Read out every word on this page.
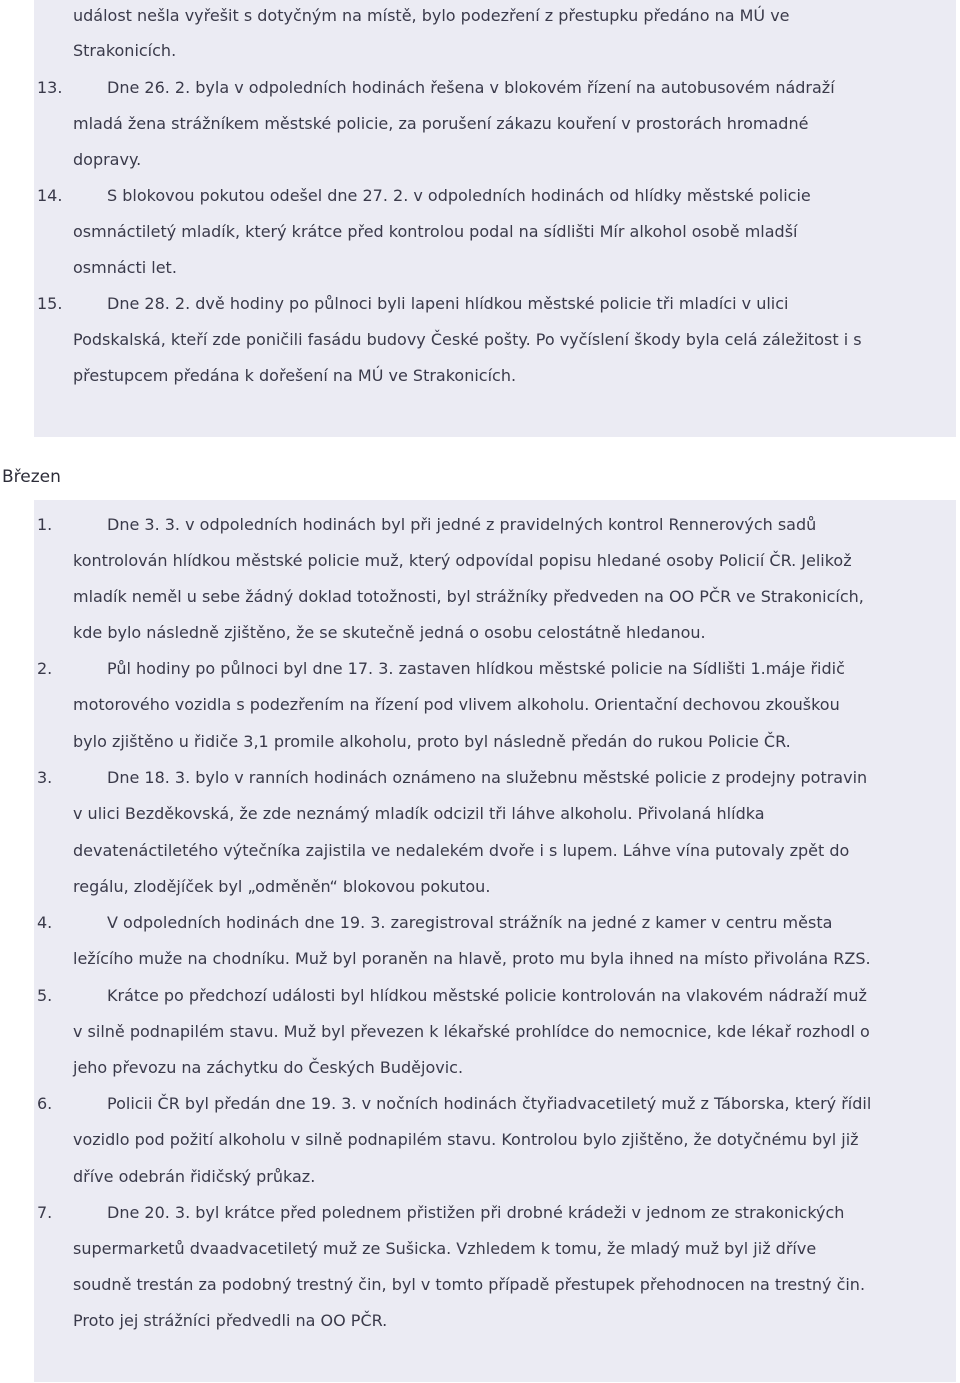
událost nešla vyřešit s dotyčným na místě, bylo podezření z přestupku předáno na MÚ ve
Strakonicích.
13.	Dne 26. 2. byla v odpoledních hodinách řešena v blokovém řízení na autobusovém nádraží
mladá žena strážníkem městské policie, za porušení zákazu kouření v prostorách hromadné
dopravy.
14.	S blokovou pokutou odešel dne 27. 2. v odpoledních hodinách od hlídky městské policie
osmnáctiletý mladík, který krátce před kontrolou podal na sídlišti Mír alkohol osobě mladší
osmnácti let.
15.	Dne 28. 2. dvě hodiny po půlnoci byli lapeni hlídkou městské policie tři mladíci v ulici
Podskalská, kteří zde poničili fasádu budovy České pošty. Po vyčíslení škody byla celá záležitost i s
přestupcem předána k dořešení na MÚ ve Strakonicích.
Březen
1.	Dne 3. 3. v odpoledních hodinách byl při jedné z pravidelných kontrol Rennerových sadů
kontrolován hlídkou městské policie muž, který odpovídal popisu hledané osoby Policií ČR. Jelikož
mladík neměl u sebe žádný doklad totožnosti, byl strážníky předveden na OO PČR ve Strakonicích,
kde bylo následně zjištěno, že se skutečně jedná o osobu celostátně hledanou.
2.	Půl hodiny po půlnoci byl dne 17. 3. zastaven hlídkou městské policie na Sídlišti 1.máje řidič
motorového vozidla s podezřením na řízení pod vlivem alkoholu. Orientační dechovou zkouškou
bylo zjištěno u řidiče 3,1 promile alkoholu, proto byl následně předán do rukou Policie ČR.
3.	Dne 18. 3. bylo v ranních hodinách oznámeno na služebnu městské policie z prodejny potravin
v ulici Bezděkovská, že zde neznámý mladík odcizil tři láhve alkoholu. Přivolaná hlídka
devatenáctiletého výtečníka zajistila ve nedalekém dvoře i s lupem. Láhve vína putovaly zpět do
regálu, zlodějíček byl „odměněn“ blokovou pokutou.
4.	V odpoledních hodinách dne 19. 3. zaregistroval strážník na jedné z kamer v centru města
ležícího muže na chodníku. Muž byl poraněn na hlavě, proto mu byla ihned na místo přivolána RZS.
5.	Krátce po předchozí události byl hlídkou městské policie kontrolován na vlakovém nádraží muž
v silně podnapilém stavu. Muž byl převezen k lékařské prohlídce do nemocnice, kde lékař rozhodl o
jeho převozu na záchytku do Českých Budějovic.
6.	Policii ČR byl předán dne 19. 3. v nočních hodinách čtyřiadvacetiletý muž z Táborska, který řídil
vozidlo pod požití alkoholu v silně podnapilém stavu. Kontrolou bylo zjištěno, že dotyčnému byl již
dříve odebrán řidičský průkaz.
7.	Dne 20. 3. byl krátce před polednem přistižen při drobné krádeži v jednom ze strakonických
supermarketů dvaadvacetiletý muž ze Sušicka. Vzhledem k tomu, že mladý muž byl již dříve
soudně trestán za podobný trestný čin, byl v tomto případě přestupek přehodnocen na trestný čin.
Proto jej strážníci předvedli na OO PČR.
